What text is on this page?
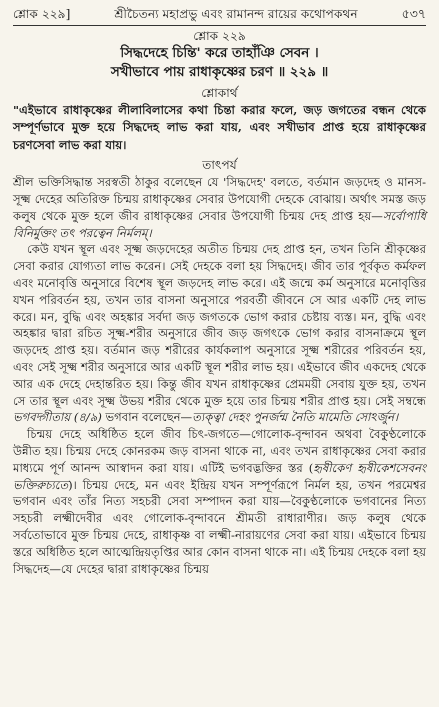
শ্লোক ২২৯]	শ্রীচৈতন্য মহাপ্রভু এবং রামানন্দ রায়ের কথোপকথন	৫৩৭
শ্লোক ২২৯
সিদ্ধদেহে চিন্তি' করে তাহাঁঞি সেবন ।
সখীভাবে পায় রাধাকৃষ্ণের চরণ ॥ ২২৯ ॥
শ্লোকার্থ
"এইভাবে রাধাকৃষ্ণের লীলাবিলাসের কথা চিন্তা করার ফলে, জড় জগতের বন্ধন থেকে সম্পূর্ণভাবে মুক্ত হয়ে সিদ্ধদেহ লাভ করা যায়, এবং সখীভাব প্রাপ্ত হয়ে রাধাকৃষ্ণের চরণসেবা লাভ করা যায়।
তাৎপর্য

শ্রীল ভক্তিসিদ্ধান্ত সরস্বতী ঠাকুর বলেছেন যে 'সিদ্ধদেহ' বলতে, বর্তমান জড়দেহ ও মানস-সূক্ষ্ম দেহের অতিরিক্ত চিন্ময় রাধাকৃষ্ণের সেবার উপযোগী দেহকে বোঝায়। অর্থাৎ সমস্ত জড় কলুষ থেকে মুক্ত হলে জীব রাধাকৃষ্ণের সেবার উপযোগী চিন্ময় দেহ প্রাপ্ত হয়—সর্বোপাধি বিনির্মুক্তং তৎ পরত্বেন নির্মলম্।

কেউ যখন স্থূল এবং সূক্ষ্ম জড়দেহের অতীত চিন্ময় দেহ প্রাপ্ত হন, তখন তিনি শ্রীকৃষ্ণের সেবা করার যোগ্যতা লাভ করেন। সেই দেহকে বলা হয় সিদ্ধদেহ। জীব তার পূর্বকৃত কর্মফল এবং মনোবৃত্তি অনুসারে বিশেষ স্থূল জড়দেহ লাভ করে। এই জন্মে কর্ম অনুসারে মনোবৃত্তির যখন পরিবর্তন হয়, তখন তার বাসনা অনুসারে পরবর্তী জীবনে সে আর একটি দেহ লাভ করে। মন, বুদ্ধি এবং অহঙ্কার সর্বদা জড় জগতকে ভোগ করার চেষ্টায় ব্যস্ত। মন, বুদ্ধি এবং অহঙ্কার দ্বারা রচিত সূক্ষ্ম-শরীর অনুসারে জীব জড় জগৎকে ভোগ করার বাসনাক্রমে স্থূল জড়দেহ প্রাপ্ত হয়। বর্তমান জড় শরীরের কার্যকলাপ অনুসারে সূক্ষ্ম শরীরের পরিবর্তন হয়, এবং সেই সূক্ষ্ম শরীর অনুসারে আর একটি স্থূল শরীর লাভ হয়। এইভাবে জীব একদেহ থেকে আর এক দেহে দেহান্তরিত হয়। কিন্তু জীব যখন রাধাকৃষ্ণের প্রেমময়ী সেবায় যুক্ত হয়, তখন সে তার স্থূল এবং সূক্ষ্ম উভয় শরীর থেকে মুক্ত হয়ে তার চিন্ময় শরীর প্রাপ্ত হয়। সেই সম্বন্ধে ভগবদ্গীতায় (৪/৯) ভগবান বলেছেন—ত্যক্ত্বা দেহং পুনর্জন্ম নৈতি মামেতি সোঽর্জুন।

চিন্ময় দেহে অধিষ্ঠিত হলে জীব চিৎ-জগতে—গোলোক-বৃন্দাবন অথবা বৈকুণ্ঠলোকে উন্নীত হয়। চিন্ময় দেহে কোনরকম জড় বাসনা থাকে না, এবং তখন রাধাকৃষ্ণের সেবা করার মাধ্যমে পূর্ণ আনন্দ আস্বাদন করা যায়। এটিই ভগবদ্ভক্তির স্তর (হৃষীকেণ হৃষীকেশসেবনং ভক্তিরুচ্যতে)। চিন্ময় দেহে, মন এবং ইন্দ্রিয় যখন সম্পূর্ণরূপে নির্মল হয়, তখন পরমেশ্বর ভগবান এবং তাঁর নিত্য সহচরী সেবা সম্পাদন করা যায়—বৈকুণ্ঠলোকে ভগবানের নিত্য সহচরী লক্ষ্মীদেবীর এবং গোলোক-বৃন্দাবনে শ্রীমতী রাধারাণীর। জড় কলুষ থেকে সর্বতোভাবে মুক্ত চিন্ময় দেহে, রাধাকৃষ্ণ বা লক্ষ্মী-নারায়ণের সেবা করা যায়। এইভাবে চিন্ময় স্তরে অধিষ্ঠিত হলে আত্মেন্দ্রিয়তৃপ্তির আর কোন বাসনা থাকে না। এই চিন্ময় দেহকে বলা হয় সিদ্ধদেহ—যে দেহের দ্বারা রাধাকৃষ্ণের চিন্ময়
